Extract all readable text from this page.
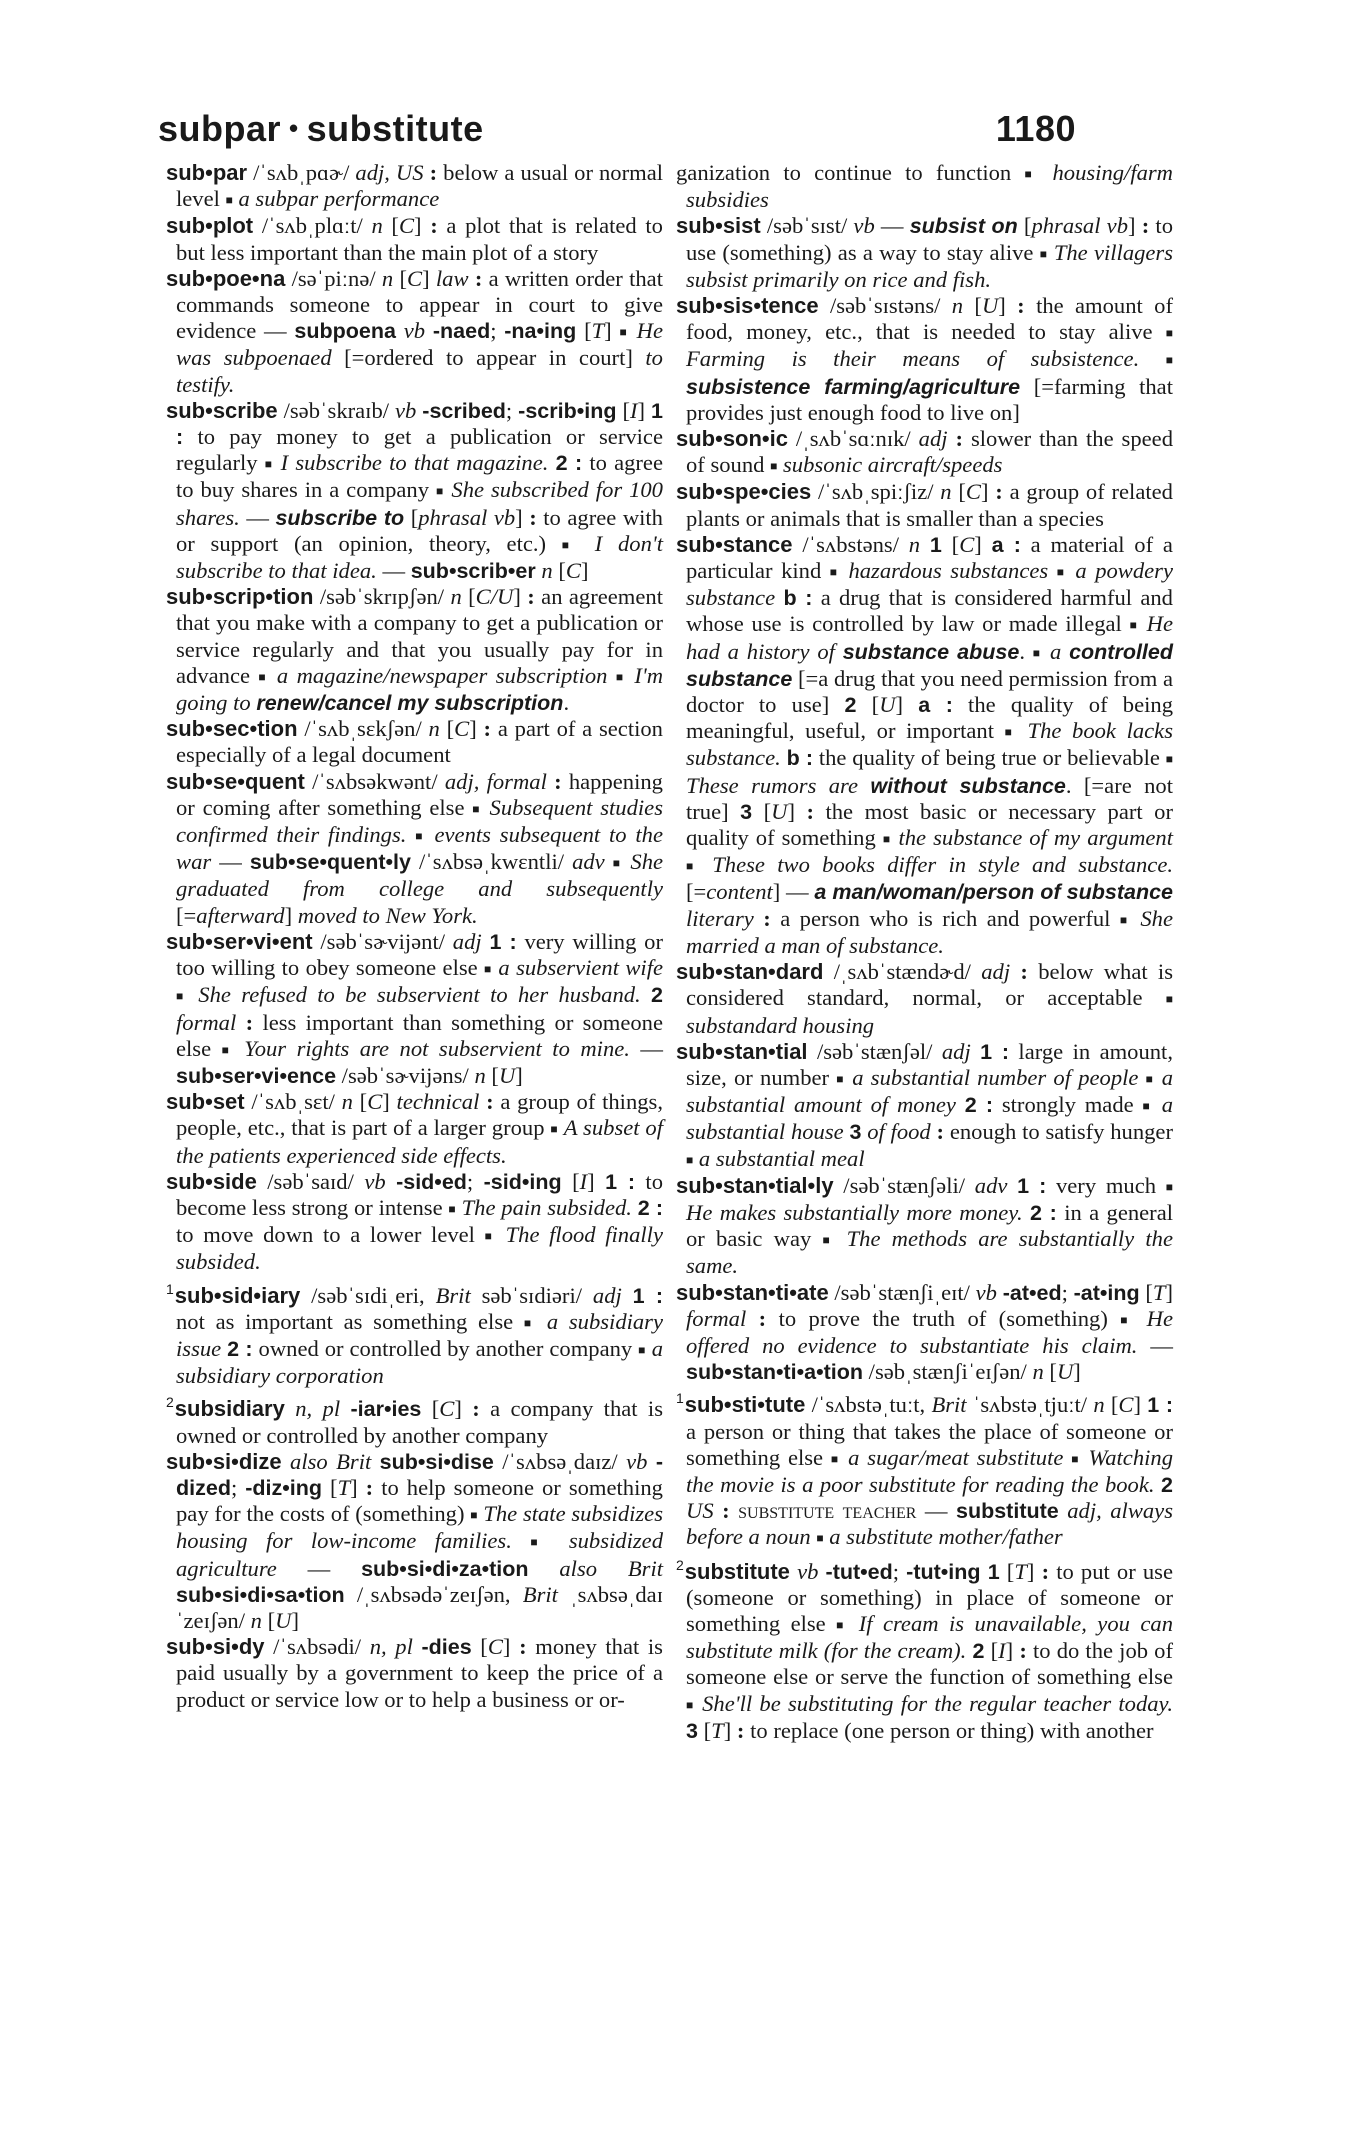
subpar • substitute	1180

sub•par /ˈsʌbˌpɑɚ/ adj, US : below a usual or normal level ■ a subpar performance

sub•plot /ˈsʌbˌplɑːt/ n [C] : a plot that is related to but less important than the main plot of a story

sub•poe•na /səˈpiːnə/ n [C] law : a written order that commands someone to appear in court to give evidence — subpoena vb -naed; -na•ing [T] ■ He was subpoenaed [=ordered to appear in court] to testify.

sub•scribe /səbˈskraɪb/ vb -scribed; -scrib•ing [I] 1 : to pay money to get a publication or service regularly ■ I subscribe to that magazine. 2 : to agree to buy shares in a company ■ She subscribed for 100 shares. — subscribe to [phrasal vb] : to agree with or support (an opinion, theory, etc.) ■ I don't subscribe to that idea. — sub•scrib•er n [C]

sub•scrip•tion /səbˈskrɪpʃən/ n [C/U] : an agreement that you make with a company to get a publication or service regularly and that you usually pay for in advance ■ a magazine/newspaper subscription ■ I'm going to renew/cancel my subscription.

sub•sec•tion /ˈsʌbˌsɛkʃən/ n [C] : a part of a section especially of a legal document

sub•se•quent /ˈsʌbsəkwənt/ adj, formal : happening or coming after something else ■ Subsequent studies confirmed their findings. ■ events subsequent to the war — sub•se•quent•ly /ˈsʌbsəˌkwɛntli/ adv ■ She graduated from college and subsequently [=afterward] moved to New York.

sub•ser•vi•ent /səbˈsɚvijənt/ adj 1 : very willing or too willing to obey someone else ■ a subservient wife ■ She refused to be subservient to her husband. 2 formal : less important than something or someone else ■ Your rights are not subservient to mine. — sub•ser•vi•ence /səbˈsɚvijəns/ n [U]

sub•set /ˈsʌbˌsɛt/ n [C] technical : a group of things, people, etc., that is part of a larger group ■ A subset of the patients experienced side effects.

sub•side /səbˈsaɪd/ vb -sid•ed; -sid•ing [I] 1 : to become less strong or intense ■ The pain subsided. 2 : to move down to a lower level ■ The flood finally subsided.

$^1$sub•sid•iary /səbˈsɪdiˌeri, Brit səbˈsɪdiəri/ adj 1 : not as important as something else ■ a subsidiary issue 2 : owned or controlled by another company ■ a subsidiary corporation

$^2$subsidiary n, pl -iar•ies [C] : a company that is owned or controlled by another company

sub•si•dize also Brit sub•si•dise /ˈsʌbsəˌdaɪz/ vb -dized; -diz•ing [T] : to help someone or something pay for the costs of (something) ■ The state subsidizes housing for low-income families. ■ subsidized agriculture — sub•si•di•za•tion also Brit sub•si•di•sa•tion /ˌsʌbsədəˈzeɪʃən, Brit ˌsʌbsəˌdaɪˈzeɪʃən/ n [U]

sub•si•dy /ˈsʌbsədi/ n, pl -dies [C] : money that is paid usually by a government to keep the price of a product or service low or to help a business or or-

ganization to continue to function ■ housing/farm subsidies

sub•sist /səbˈsɪst/ vb — subsist on [phrasal vb] : to use (something) as a way to stay alive ■ The villagers subsist primarily on rice and fish.

sub•sis•tence /səbˈsɪstəns/ n [U] : the amount of food, money, etc., that is needed to stay alive ■ Farming is their means of subsistence. ■ subsistence farming/agriculture [=farming that provides just enough food to live on]

sub•son•ic /ˌsʌbˈsɑːnɪk/ adj : slower than the speed of sound ■ subsonic aircraft/speeds

sub•spe•cies /ˈsʌbˌspiːʃiz/ n [C] : a group of related plants or animals that is smaller than a species

sub•stance /ˈsʌbstəns/ n 1 [C] a : a material of a particular kind ■ hazardous substances ■ a powdery substance b : a drug that is considered harmful and whose use is controlled by law or made illegal ■ He had a history of substance abuse. ■ a controlled substance [=a drug that you need permission from a doctor to use] 2 [U] a : the quality of being meaningful, useful, or important ■ The book lacks substance. b : the quality of being true or believable ■ These rumors are without substance. [=are not true] 3 [U] : the most basic or necessary part or quality of something ■ the substance of my argument ■ These two books differ in style and substance. [=content] — a man/woman/person of substance literary : a person who is rich and powerful ■ She married a man of substance.

sub•stan•dard /ˌsʌbˈstændɚd/ adj : below what is considered standard, normal, or acceptable ■ substandard housing

sub•stan•tial /səbˈstænʃəl/ adj 1 : large in amount, size, or number ■ a substantial number of people ■ a substantial amount of money 2 : strongly made ■ a substantial house 3 of food : enough to satisfy hunger ■ a substantial meal

sub•stan•tial•ly /səbˈstænʃəli/ adv 1 : very much ■ He makes substantially more money. 2 : in a general or basic way ■ The methods are substantially the same.

sub•stan•ti•ate /səbˈstænʃiˌeɪt/ vb -at•ed; -at•ing [T] formal : to prove the truth of (something) ■ He offered no evidence to substantiate his claim. — sub•stan•ti•a•tion /səbˌstænʃiˈeɪʃən/ n [U]

$^1$sub•sti•tute /ˈsʌbstəˌtuːt, Brit ˈsʌbstəˌtjuːt/ n [C] 1 : a person or thing that takes the place of someone or something else ■ a sugar/meat substitute ■ Watching the movie is a poor substitute for reading the book. 2 US : substitute teacher — substitute adj, always before a noun ■ a substitute mother/father

$^2$substitute vb -tut•ed; -tut•ing 1 [T] : to put or use (someone or something) in place of someone or something else ■ If cream is unavailable, you can substitute milk (for the cream). 2 [I] : to do the job of someone else or serve the function of something else ■ She'll be substituting for the regular teacher today. 3 [T] : to replace (one person or thing) with another
